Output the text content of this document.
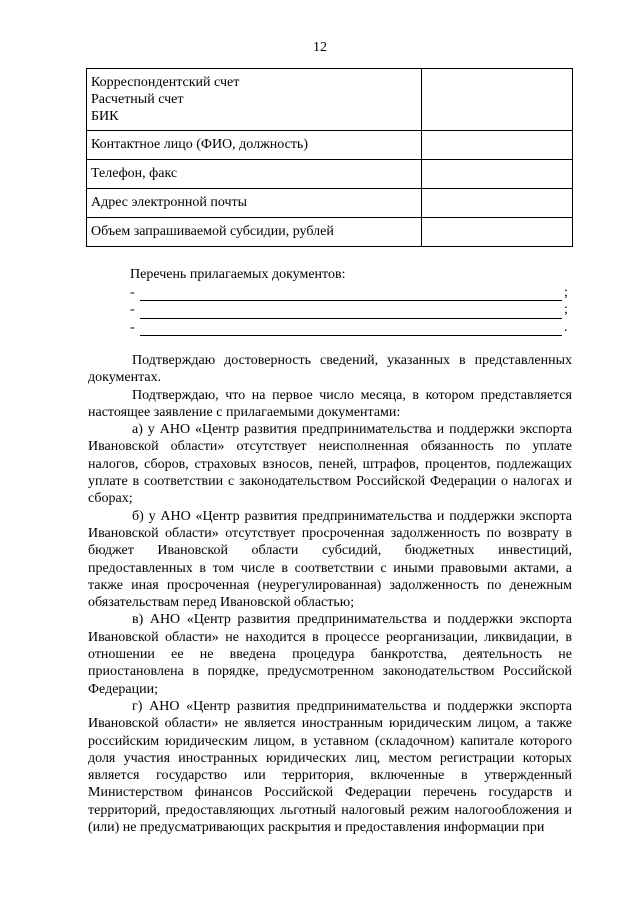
12
Корреспондентский счет
Расчетный счет
БИК	

Контактное лицо (ФИО, должность)	
Телефон, факс	
Адрес электронной почты	
Объем запрашиваемой субсидии, рублей	
Перечень прилагаемых документов:
-	;
-	;
-	.

Подтверждаю достоверность сведений, указанных в представленных документах.

Подтверждаю, что на первое число месяца, в котором представляется настоящее заявление с прилагаемыми документами:

а) у АНО «Центр развития предпринимательства и поддержки экспорта Ивановской области» отсутствует неисполненная обязанность по уплате налогов, сборов, страховых взносов, пеней, штрафов, процентов, подлежащих уплате в соответствии с законодательством Российской Федерации о налогах и сборах;

б) у АНО «Центр развития предпринимательства и поддержки экспорта Ивановской области» отсутствует просроченная задолженность по возврату в бюджет Ивановской области субсидий, бюджетных инвестиций, предоставленных в том числе в соответствии с иными правовыми актами, а также иная просроченная (неурегулированная) задолженность по денежным обязательствам перед Ивановской областью;

в) АНО «Центр развития предпринимательства и поддержки экспорта Ивановской области» не находится в процессе реорганизации, ликвидации, в отношении ее не введена процедура банкротства, деятельность не приостановлена в порядке, предусмотренном законодательством Российской Федерации;

г) АНО «Центр развития предпринимательства и поддержки экспорта Ивановской области» не является иностранным юридическим лицом, а также российским юридическим лицом, в уставном (складочном) капитале которого доля участия иностранных юридических лиц, местом регистрации которых является государство или территория, включенные в утвержденный Министерством финансов Российской Федерации перечень государств и территорий, предоставляющих льготный налоговый режим налогообложения и (или) не предусматривающих раскрытия и предоставления информации при
